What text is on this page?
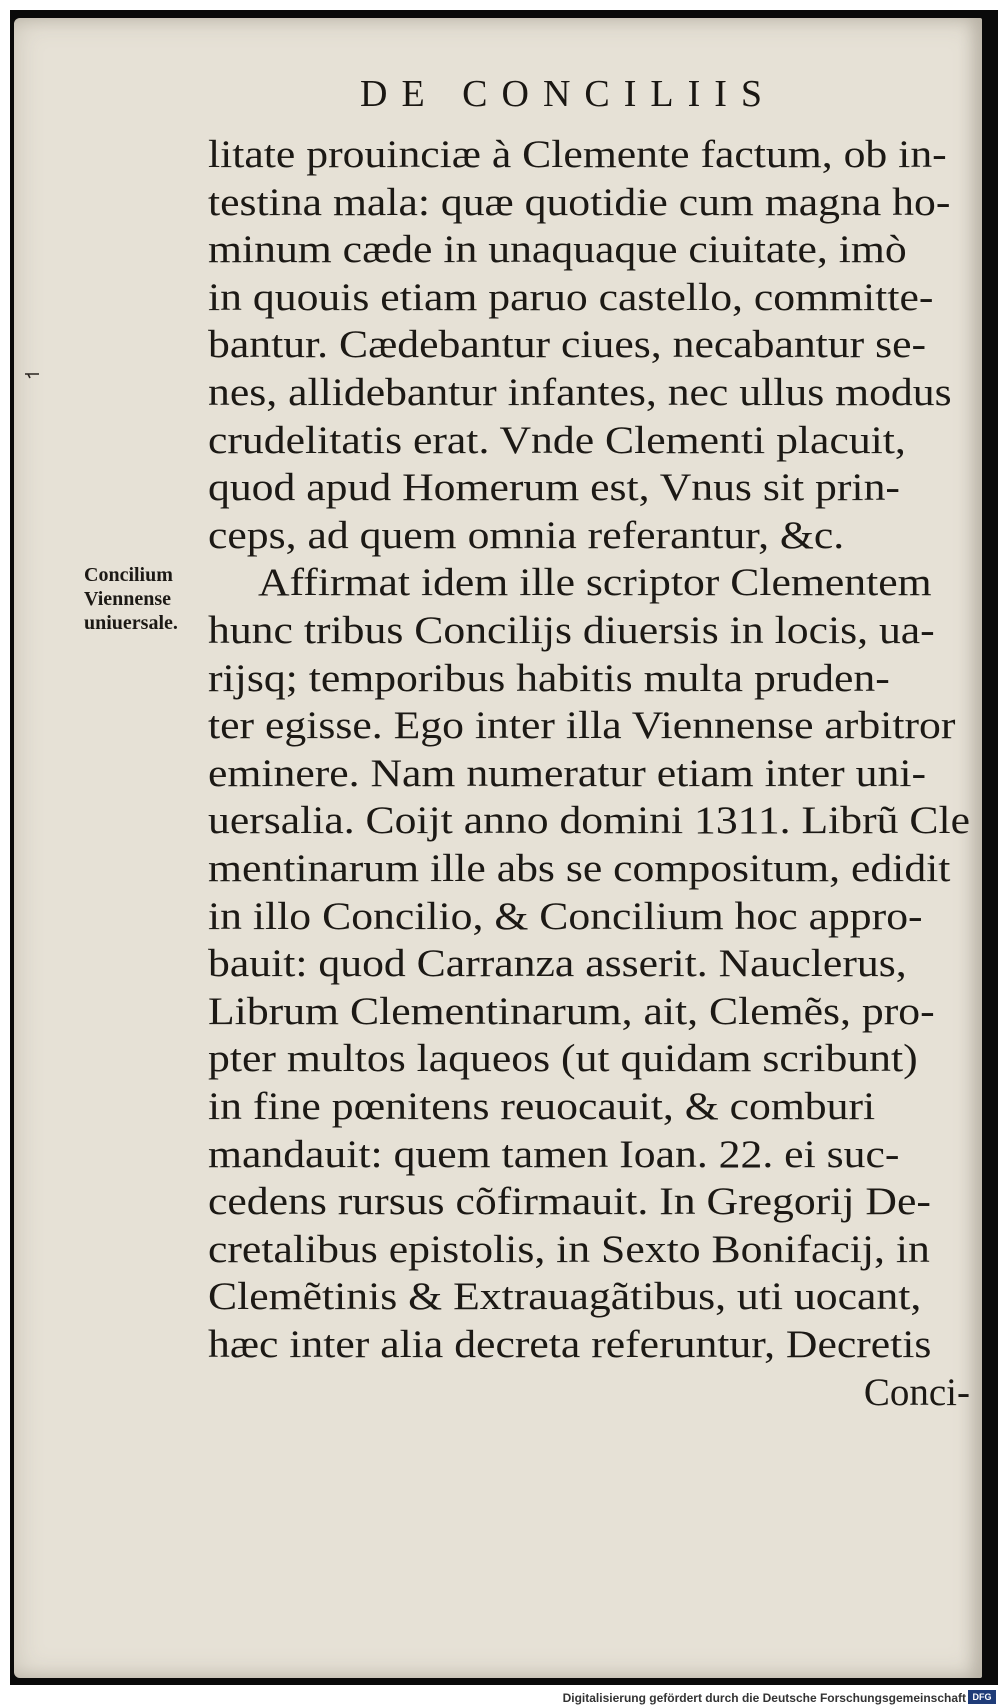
DE CONCILIIS
Concilium
Viennense
uniuersale.
litate prouinciæ à Clemente factum, ob in-
testina mala: quæ quotidie cum magna ho-
minum cæde in unaquaque ciuitate, imò
in quouis etiam paruo castello, committe-
bantur. Cædebantur ciues, necabantur se-
nes, allidebantur infantes, nec ullus modus
crudelitatis erat. Vnde Clementi placuit,
quod apud Homerum est, Vnus sit prin-
ceps, ad quem omnia referantur, &c.
Affirmat idem ille scriptor Clementem
hunc tribus Concilijs diuersis in locis, ua-
rijsq; temporibus habitis multa pruden-
ter egisse. Ego inter illa Viennense arbitror
eminere. Nam numeratur etiam inter uni-
uersalia. Coijt anno domini 1311. Librũ Cle
mentinarum ille abs se compositum, edidit
in illo Concilio, & Concilium hoc appro-
bauit: quod Carranza asserit. Nauclerus,
Librum Clementinarum, ait, Clemẽs, pro-
pter multos laqueos (ut quidam scribunt)
in fine pœnitens reuocauit, & comburi
mandauit: quem tamen Ioan. 22. ei suc-
cedens rursus cõfirmauit. In Gregorij De-
cretalibus epistolis, in Sexto Bonifacij, in
Clemẽtinis & Extrauagãtibus, uti uocant,
hæc inter alia decreta referuntur, Decretis
Conci-
Digitalisierung gefördert durch die Deutsche Forschungsgemeinschaft DFG
